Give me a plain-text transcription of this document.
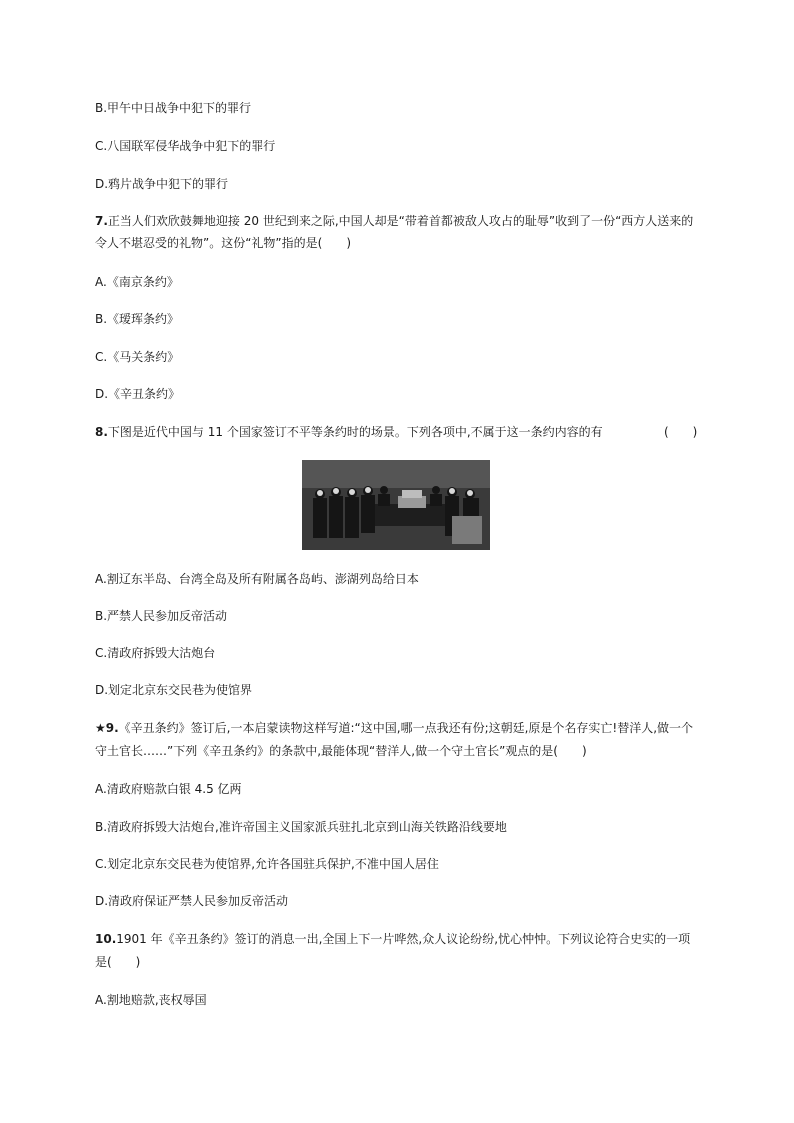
B.甲午中日战争中犯下的罪行
C.八国联军侵华战争中犯下的罪行
D.鸦片战争中犯下的罪行
7.正当人们欢欣鼓舞地迎接 20 世纪到来之际,中国人却是“带着首都被敌人攻占的耻辱”收到了一份“西方人送来的
令人不堪忍受的礼物”。这份“礼物”指的是(　　)
A.《南京条约》
B.《瑷珲条约》
C.《马关条约》
D.《辛丑条约》
8.下图是近代中国与 11 个国家签订不平等条约时的场景。下列各项中,不属于这一条约内容的有	(　　)
A.割辽东半岛、台湾全岛及所有附属各岛屿、澎湖列岛给日本
B.严禁人民参加反帝活动
C.清政府拆毁大沽炮台
D.划定北京东交民巷为使馆界
★9.《辛丑条约》签订后,一本启蒙读物这样写道:“这中国,哪一点我还有份;这朝廷,原是个名存实亡!替洋人,做一个
守土官长……”下列《辛丑条约》的条款中,最能体现“替洋人,做一个守土官长”观点的是(　　)
A.清政府赔款白银 4.5 亿两
B.清政府拆毁大沽炮台,准许帝国主义国家派兵驻扎北京到山海关铁路沿线要地
C.划定北京东交民巷为使馆界,允许各国驻兵保护,不准中国人居住
D.清政府保证严禁人民参加反帝活动
10.1901 年《辛丑条约》签订的消息一出,全国上下一片哗然,众人议论纷纷,忧心忡忡。下列议论符合史实的一项
是(　　)
A.割地赔款,丧权辱国
